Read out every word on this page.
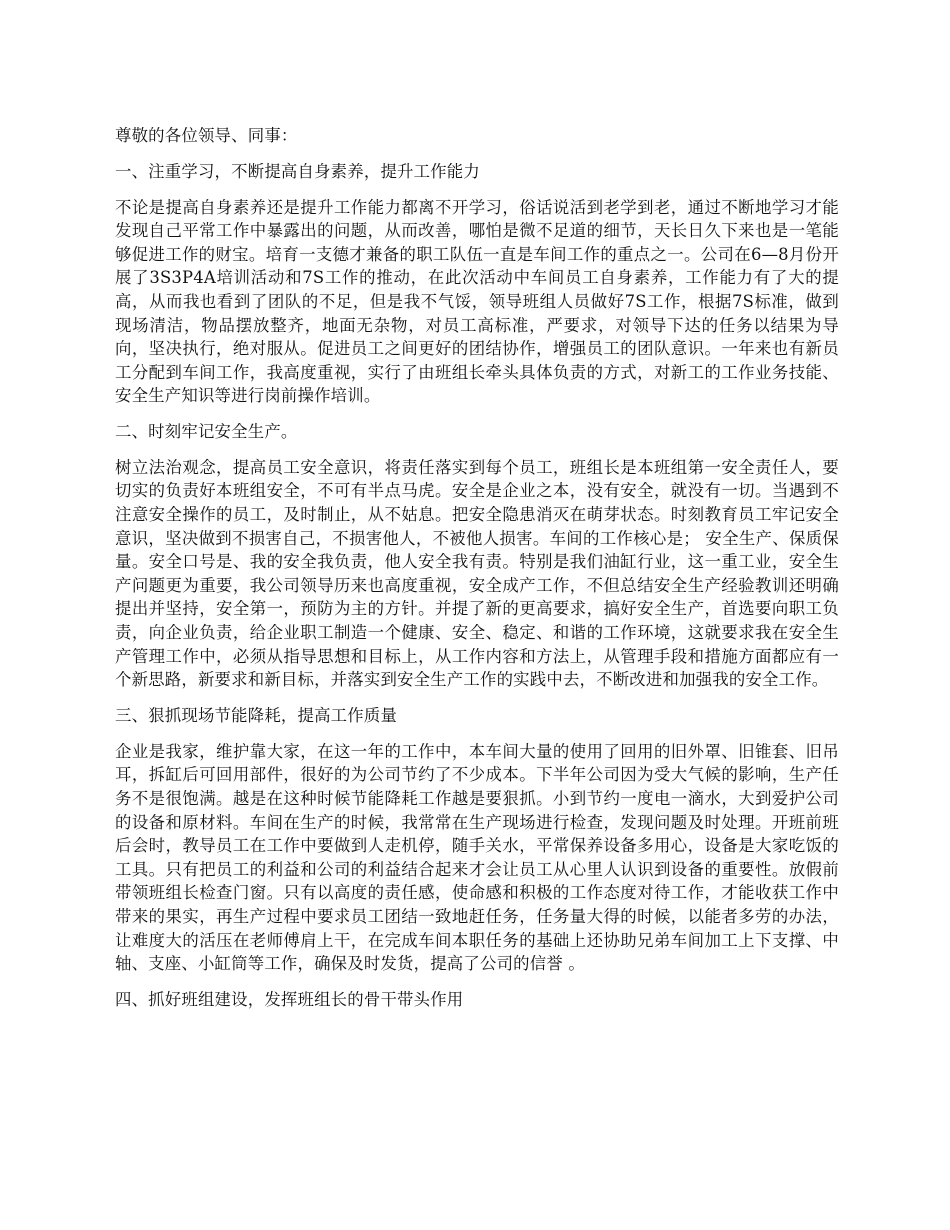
尊敬的各位领导、同事：

一、注重学习，不断提高自身素养，提升工作能力

不论是提高自身素养还是提升工作能力都离不开学习，俗话说活到老学到老，通过不断地学习才能发现自己平常工作中暴露出的问题，从而改善，哪怕是微不足道的细节，天长日久下来也是一笔能够促进工作的财宝。培育一支德才兼备的职工队伍一直是车间工作的重点之一。公司在6—8月份开展了3S3P4A培训活动和7S工作的推动，在此次活动中车间员工自身素养，工作能力有了大的提高，从而我也看到了团队的不足，但是我不气馁，领导班组人员做好7S工作，根据7S标准，做到现场清洁，物品摆放整齐，地面无杂物，对员工高标准，严要求，对领导下达的任务以结果为导向，坚决执行，绝对服从。促进员工之间更好的团结协作，增强员工的团队意识。一年来也有新员工分配到车间工作，我高度重视，实行了由班组长牵头具体负责的方式，对新工的工作业务技能、安全生产知识等进行岗前操作培训。

二、时刻牢记安全生产。

树立法治观念，提高员工安全意识，将责任落实到每个员工，班组长是本班组第一安全责任人，要切实的负责好本班组安全，不可有半点马虎。安全是企业之本，没有安全，就没有一切。当遇到不注意安全操作的员工，及时制止，从不姑息。把安全隐患消灭在萌芽状态。时刻教育员工牢记安全意识，坚决做到不损害自己，不损害他人，不被他人损害。车间的工作核心是； 安全生产、保质保量。安全口号是、我的安全我负责，他人安全我有责。特别是我们油缸行业，这一重工业，安全生产问题更为重要，我公司领导历来也高度重视，安全成产工作，不但总结安全生产经验教训还明确提出并坚持，安全第一，预防为主的方针。并提了新的更高要求，搞好安全生产，首选要向职工负责，向企业负责，给企业职工制造一个健康、安全、稳定、和谐的工作环境，这就要求我在安全生产管理工作中，必须从指导思想和目标上，从工作内容和方法上，从管理手段和措施方面都应有一个新思路，新要求和新目标，并落实到安全生产工作的实践中去，不断改进和加强我的安全工作。

三、狠抓现场节能降耗，提高工作质量

企业是我家，维护靠大家，在这一年的工作中，本车间大量的使用了回用的旧外罩、旧锥套、旧吊耳，拆缸后可回用部件，很好的为公司节约了不少成本。下半年公司因为受大气候的影响，生产任务不是很饱满。越是在这种时候节能降耗工作越是要狠抓。小到节约一度电一滴水，大到爱护公司的设备和原材料。车间在生产的时候，我常常在生产现场进行检查，发现问题及时处理。开班前班后会时，教导员工在工作中要做到人走机停，随手关水，平常保养设备多用心，设备是大家吃饭的工具。只有把员工的利益和公司的利益结合起来才会让员工从心里人认识到设备的重要性。放假前带领班组长检查门窗。只有以高度的责任感，使命感和积极的工作态度对待工作，才能收获工作中带来的果实，再生产过程中要求员工团结一致地赶任务，任务量大得的时候，以能者多劳的办法，让难度大的活压在老师傅肩上干，在完成车间本职任务的基础上还协助兄弟车间加工上下支撑、中轴、支座、小缸筒等工作，确保及时发货，提高了公司的信誉 。

四、抓好班组建设，发挥班组长的骨干带头作用
